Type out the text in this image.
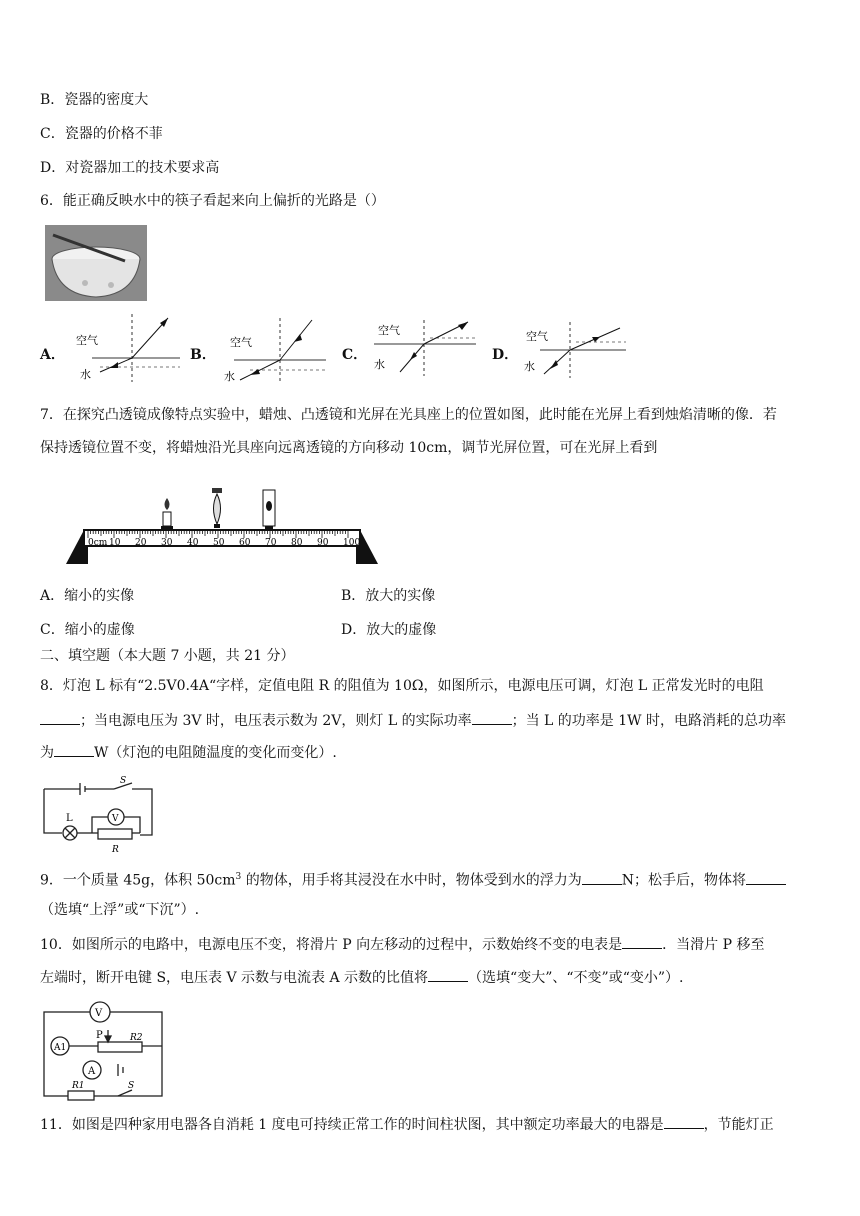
B．瓷器的密度大
C．瓷器的价格不菲
D．对瓷器加工的技术要求高
6．能正确反映水中的筷子看起来向上偏折的光路是（）
A．	B．	C．	D．
空气
水
空气
水
空气
水
空气
水
7．在探究凸透镜成像特点实验中，蜡烛、凸透镜和光屏在光具座上的位置如图，此时能在光屏上看到烛焰清晰的像．若
保持透镜位置不变，将蜡烛沿光具座向远离透镜的方向移动 10cm，调节光屏位置，可在光屏上看到
0cm 10 20 30 40 50 60 70 80 90 100
A．缩小的实像	B．放大的实像
C．缩小的虚像	D．放大的虚像
二、填空题（本大题 7 小题，共 21 分）
8．灯泡 L 标有“2.5V0.4A“字样，定值电阻 R 的阻值为 10Ω，如图所示，电源电压可调，灯泡 L 正常发光时的电阻
；当电源电压为 3V 时，电压表示数为 2V，则灯 L 的实际功率	；当 L 的功率是 1W 时，电路消耗的总功率
为	W（灯泡的电阻随温度的变化而变化）.
S
L	V
R
9．一个质量 45g，体积 $50cm^3$ 的物体，用手将其浸没在水中时，物体受到水的浮力为	N；松手后，物体将
（选填“上浮”或“下沉”）.
10．如图所示的电路中，电源电压不变，将滑片 P 向左移动的过程中，示数始终不变的电表是	．当滑片 P 移至
左端时，断开电键 S，电压表 V 示数与电流表 A 示数的比值将	（选填“变大”、“不变”或“变小”）.
V
A1
A
P	R2
R1	S
11．如图是四种家用电器各自消耗 1 度电可持续正常工作的时间柱状图，其中额定功率最大的电器是	，节能灯正
